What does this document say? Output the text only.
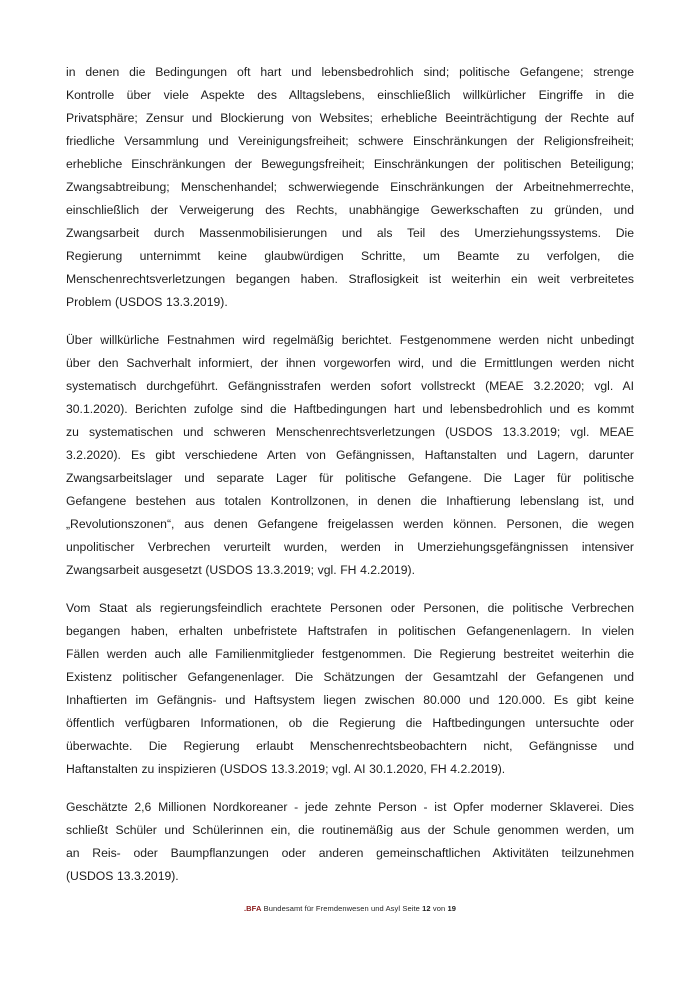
in denen die Bedingungen oft hart und lebensbedrohlich sind; politische Gefangene; strenge
Kontrolle über viele Aspekte des Alltagslebens, einschließlich willkürlicher Eingriffe in die
Privatsphäre; Zensur und Blockierung von Websites; erhebliche Beeinträchtigung der Rechte auf
friedliche Versammlung und Vereinigungsfreiheit; schwere Einschränkungen der Religionsfreiheit;
erhebliche Einschränkungen der Bewegungsfreiheit; Einschränkungen der politischen Beteiligung;
Zwangsabtreibung; Menschenhandel; schwerwiegende Einschränkungen der Arbeitnehmerrechte,
einschließlich der Verweigerung des Rechts, unabhängige Gewerkschaften zu gründen, und
Zwangsarbeit durch Massenmobilisierungen und als Teil des Umerziehungssystems. Die
Regierung unternimmt keine glaubwürdigen Schritte, um Beamte zu verfolgen, die
Menschenrechtsverletzungen begangen haben. Straflosigkeit ist weiterhin ein weit verbreitetes
Problem (USDOS 13.3.2019).
Über willkürliche Festnahmen wird regelmäßig berichtet. Festgenommene werden nicht unbedingt
über den Sachverhalt informiert, der ihnen vorgeworfen wird, und die Ermittlungen werden nicht
systematisch durchgeführt. Gefängnisstrafen werden sofort vollstreckt (MEAE 3.2.2020; vgl. AI
30.1.2020). Berichten zufolge sind die Haftbedingungen hart und lebensbedrohlich und es kommt
zu systematischen und schweren Menschenrechtsverletzungen (USDOS 13.3.2019; vgl. MEAE
3.2.2020). Es gibt verschiedene Arten von Gefängnissen, Haftanstalten und Lagern, darunter
Zwangsarbeitslager und separate Lager für politische Gefangene. Die Lager für politische
Gefangene bestehen aus totalen Kontrollzonen, in denen die Inhaftierung lebenslang ist, und
„Revolutionszonen“, aus denen Gefangene freigelassen werden können. Personen, die wegen
unpolitischer Verbrechen verurteilt wurden, werden in Umerziehungsgefängnissen intensiver
Zwangsarbeit ausgesetzt (USDOS 13.3.2019; vgl. FH 4.2.2019).
Vom Staat als regierungsfeindlich erachtete Personen oder Personen, die politische Verbrechen
begangen haben, erhalten unbefristete Haftstrafen in politischen Gefangenenlagern. In vielen
Fällen werden auch alle Familienmitglieder festgenommen. Die Regierung bestreitet weiterhin die
Existenz politischer Gefangenenlager. Die Schätzungen der Gesamtzahl der Gefangenen und
Inhaftierten im Gefängnis- und Haftsystem liegen zwischen 80.000 und 120.000. Es gibt keine
öffentlich verfügbaren Informationen, ob die Regierung die Haftbedingungen untersuchte oder
überwachte. Die Regierung erlaubt Menschenrechtsbeobachtern nicht, Gefängnisse und
Haftanstalten zu inspizieren (USDOS 13.3.2019; vgl. AI 30.1.2020, FH 4.2.2019).
Geschätzte 2,6 Millionen Nordkoreaner - jede zehnte Person - ist Opfer moderner Sklaverei. Dies
schließt Schüler und Schülerinnen ein, die routinemäßig aus der Schule genommen werden, um
an Reis- oder Baumpflanzungen oder anderen gemeinschaftlichen Aktivitäten teilzunehmen
(USDOS 13.3.2019).
.BFA Bundesamt für Fremdenwesen und Asyl Seite 12 von 19
